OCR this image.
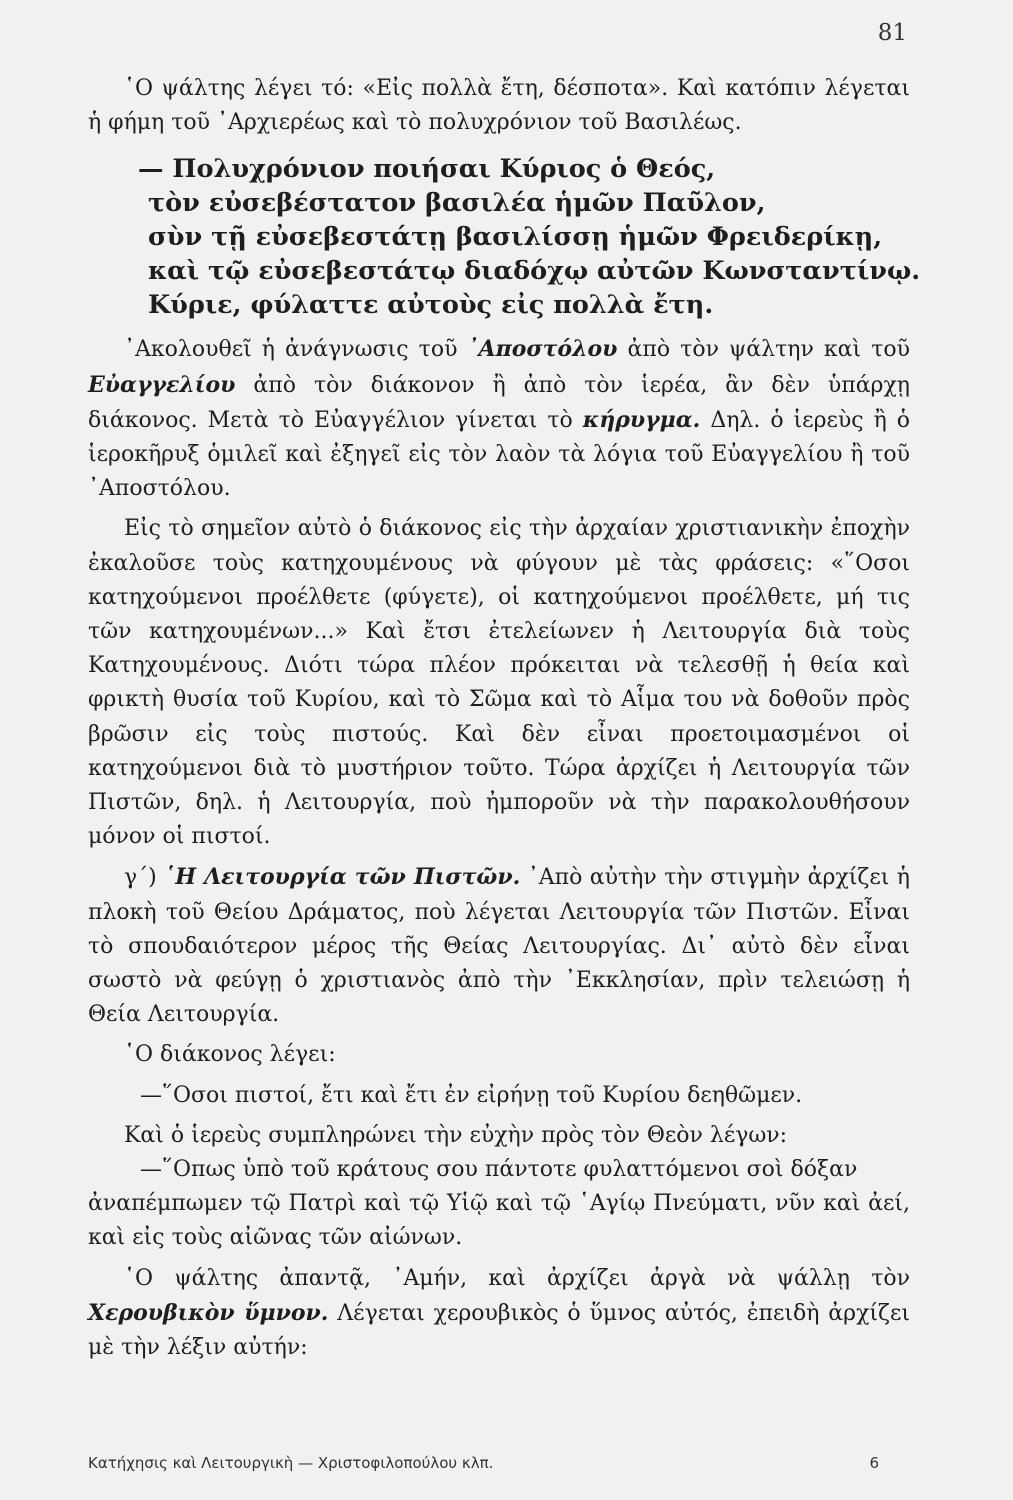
81

῾Ο ψάλτης λέγει τό: «Εἰς πολλὰ ἔτη, δέσποτα». Καὶ κατόπιν λέγεται ἡ φήμη τοῦ ᾿Αρχιερέως καὶ τὸ πολυχρόνιον τοῦ Βασιλέως.

— Πολυχρόνιον ποιήσαι Κύριος ὁ Θεός,
τὸν εὐσεβέστατον βασιλέα ἡμῶν Παῦλον,
σὺν τῇ εὐσεβεστάτῃ βασιλίσσῃ ἡμῶν Φρειδερίκῃ,
καὶ τῷ εὐσεβεστάτῳ διαδόχῳ αὐτῶν Κωνσταντίνῳ.
Κύριε, φύλαττε αὐτοὺς εἰς πολλὰ ἔτη.

᾿Ακολουθεῖ ἡ ἀνάγνωσις τοῦ ᾿Αποστόλου ἀπὸ τὸν ψάλτην καὶ τοῦ Εὐαγγελίου ἀπὸ τὸν διάκονον ἢ ἀπὸ τὸν ἱερέα, ἂν δὲν ὑπάρχῃ διάκονος. Μετὰ τὸ Εὐαγγέλιον γίνεται τὸ κήρυγμα. Δηλ. ὁ ἱερεὺς ἢ ὁ ἱεροκῆρυξ ὁμιλεῖ καὶ ἐξηγεῖ εἰς τὸν λαὸν τὰ λόγια τοῦ Εὐαγγελίου ἢ τοῦ ᾿Αποστόλου.

Εἰς τὸ σημεῖον αὐτὸ ὁ διάκονος εἰς τὴν ἀρχαίαν χριστιανικὴν ἐποχὴν ἐκαλοῦσε τοὺς κατηχουμένους νὰ φύγουν μὲ τὰς φράσεις: «῞Οσοι κατηχούμενοι προέλθετε (φύγετε), οἱ κατηχούμενοι προέλθετε, μή τις τῶν κατηχουμένων...» Καὶ ἔτσι ἐτελείωνεν ἡ Λειτουργία διὰ τοὺς Κατηχουμένους. Διότι τώρα πλέον πρόκειται νὰ τελεσθῇ ἡ θεία καὶ φρικτὴ θυσία τοῦ Κυρίου, καὶ τὸ Σῶμα καὶ τὸ Αἷμα του νὰ δοθοῦν πρὸς βρῶσιν εἰς τοὺς πιστούς. Καὶ δὲν εἶναι προετοιμασμένοι οἱ κατηχούμενοι διὰ τὸ μυστήριον τοῦτο. Τώρα ἀρχίζει ἡ Λειτουργία τῶν Πιστῶν, δηλ. ἡ Λειτουργία, ποὺ ἠμποροῦν νὰ τὴν παρακολουθήσουν μόνον οἱ πιστοί.

γ΄) ῾Η Λειτουργία τῶν Πιστῶν. ᾿Απὸ αὐτὴν τὴν στιγμὴν ἀρχίζει ἡ πλοκὴ τοῦ Θείου Δράματος, ποὺ λέγεται Λειτουργία τῶν Πιστῶν. Εἶναι τὸ σπουδαιότερον μέρος τῆς Θείας Λειτουργίας. Δι᾿ αὐτὸ δὲν εἶναι σωστὸ νὰ φεύγῃ ὁ χριστιανὸς ἀπὸ τὴν ᾿Εκκλησίαν, πρὶν τελειώσῃ ἡ Θεία Λειτουργία.

῾Ο διάκονος λέγει:

—῞Οσοι πιστοί, ἔτι καὶ ἔτι ἐν εἰρήνῃ τοῦ Κυρίου δεηθῶμεν.

Καὶ ὁ ἱερεὺς συμπληρώνει τὴν εὐχὴν πρὸς τὸν Θεὸν λέγων:

—῞Οπως ὑπὸ τοῦ κράτους σου πάντοτε φυλαττόμενοι σοὶ δόξαν

ἀναπέμπωμεν τῷ Πατρὶ καὶ τῷ Υἱῷ καὶ τῷ ῾Αγίῳ Πνεύματι, νῦν καὶ ἀεί, καὶ εἰς τοὺς αἰῶνας τῶν αἰώνων.

῾Ο ψάλτης ἀπαντᾷ, ᾿Αμήν, καὶ ἀρχίζει ἀργὰ νὰ ψάλλῃ τὸν Χερουβικὸν ὕμνον. Λέγεται χερουβικὸς ὁ ὕμνος αὐτός, ἐπειδὴ ἀρχίζει μὲ τὴν λέξιν αὐτήν:

Κατήχησις καὶ Λειτουργικὴ — Χριστοφιλοπούλου κλπ.	6
